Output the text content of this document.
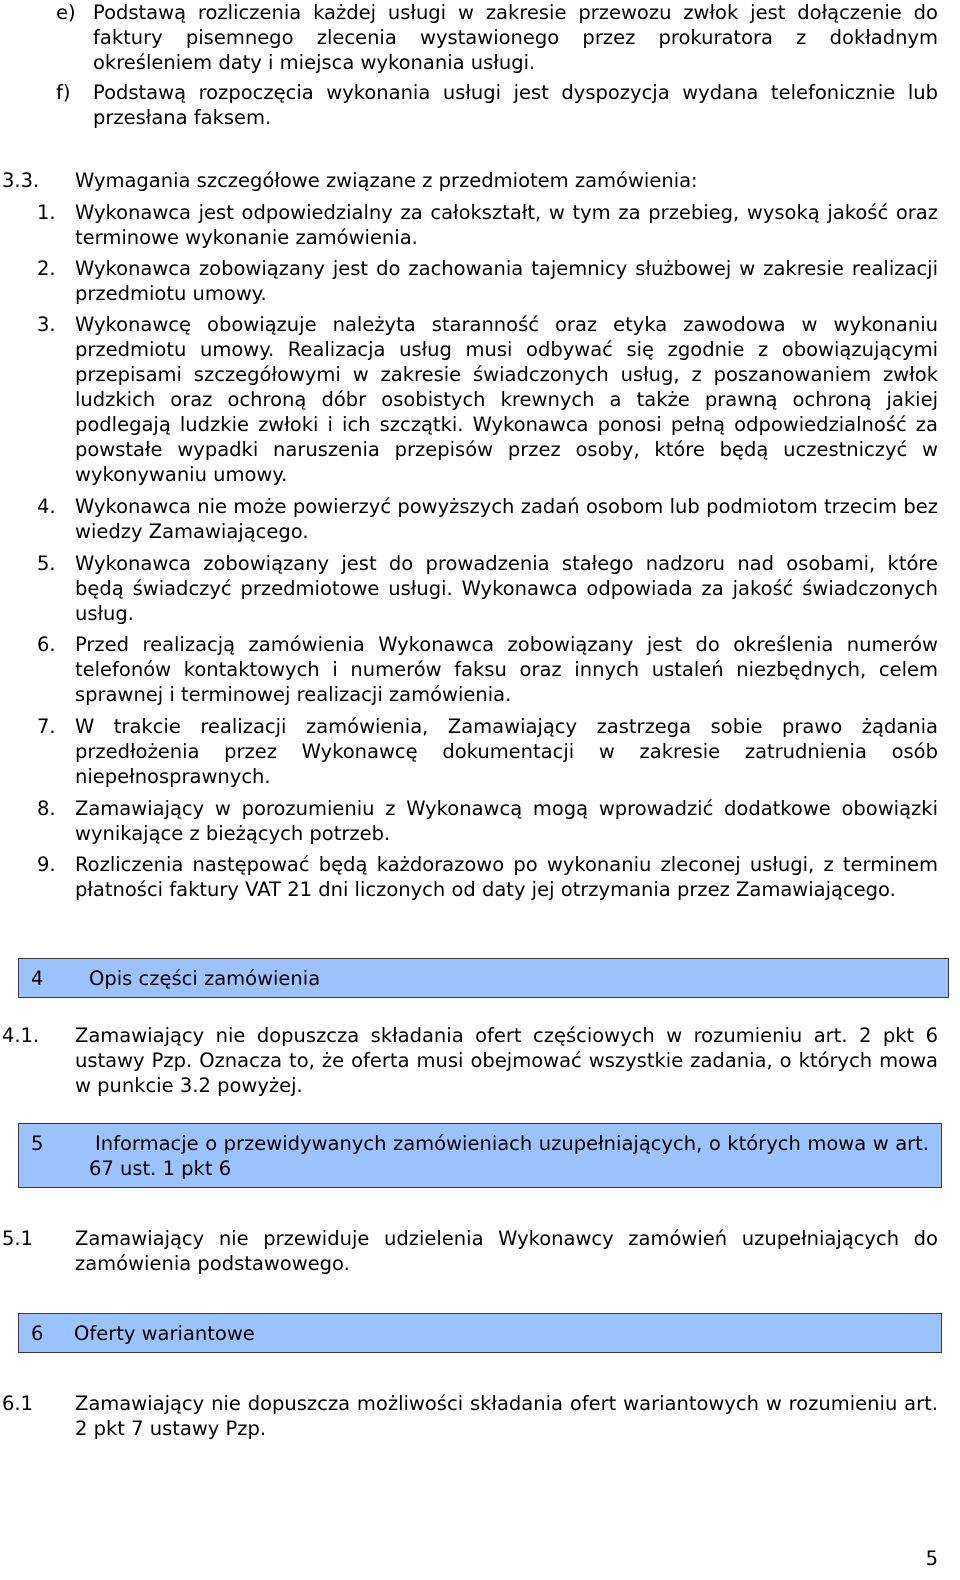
e) Podstawą rozliczenia każdej usługi w zakresie przewozu zwłok jest dołączenie do faktury pisemnego zlecenia wystawionego przez prokuratora z dokładnym określeniem daty i miejsca wykonania usługi.
f) Podstawą rozpoczęcia wykonania usługi jest dyspozycja wydana telefonicznie lub przesłana faksem.
3.3. Wymagania szczegółowe związane z przedmiotem zamówienia:
1. Wykonawca jest odpowiedzialny za całokształt, w tym za przebieg, wysoką jakość oraz terminowe wykonanie zamówienia.
2. Wykonawca zobowiązany jest do zachowania tajemnicy służbowej w zakresie realizacji przedmiotu umowy.
3. Wykonawcę obowiązuje należyta staranność oraz etyka zawodowa w wykonaniu przedmiotu umowy. Realizacja usług musi odbywać się zgodnie z obowiązującymi przepisami szczegółowymi w zakresie świadczonych usług, z poszanowaniem zwłok ludzkich oraz ochroną dóbr osobistych krewnych a także prawną ochroną jakiej podlegają ludzkie zwłoki i ich szczątki. Wykonawca ponosi pełną odpowiedzialność za powstałe wypadki naruszenia przepisów przez osoby, które będą uczestniczyć w wykonywaniu umowy.
4. Wykonawca nie może powierzyć powyższych zadań osobom lub podmiotom trzecim bez wiedzy Zamawiającego.
5. Wykonawca zobowiązany jest do prowadzenia stałego nadzoru nad osobami, które będą świadczyć przedmiotowe usługi. Wykonawca odpowiada za jakość świadczonych usług.
6. Przed realizacją zamówienia Wykonawca zobowiązany jest do określenia numerów telefonów kontaktowych i numerów faksu oraz innych ustaleń niezbędnych, celem sprawnej i terminowej realizacji zamówienia.
7. W trakcie realizacji zamówienia, Zamawiający zastrzega sobie prawo żądania przedłożenia przez Wykonawcę dokumentacji w zakresie zatrudnienia osób niepełnosprawnych.
8. Zamawiający w porozumieniu z Wykonawcą mogą wprowadzić dodatkowe obowiązki wynikające z bieżących potrzeb.
9. Rozliczenia następować będą każdorazowo po wykonaniu zleconej usługi, z terminem płatności faktury VAT 21 dni liczonych od daty jej otrzymania przez Zamawiającego.
4 Opis części zamówienia
4.1. Zamawiający nie dopuszcza składania ofert częściowych w rozumieniu art. 2 pkt 6 ustawy Pzp. Oznacza to, że oferta musi obejmować wszystkie zadania, o których mowa w punkcie 3.2 powyżej.
5	Informacje o przewidywanych zamówieniach uzupełniających, o których mowa w art. 67 ust. 1 pkt 6
5.1 Zamawiający nie przewiduje udzielenia Wykonawcy zamówień uzupełniających do zamówienia podstawowego.
6 Oferty wariantowe
6.1 Zamawiający nie dopuszcza możliwości składania ofert wariantowych w rozumieniu art. 2 pkt 7 ustawy Pzp.
5
